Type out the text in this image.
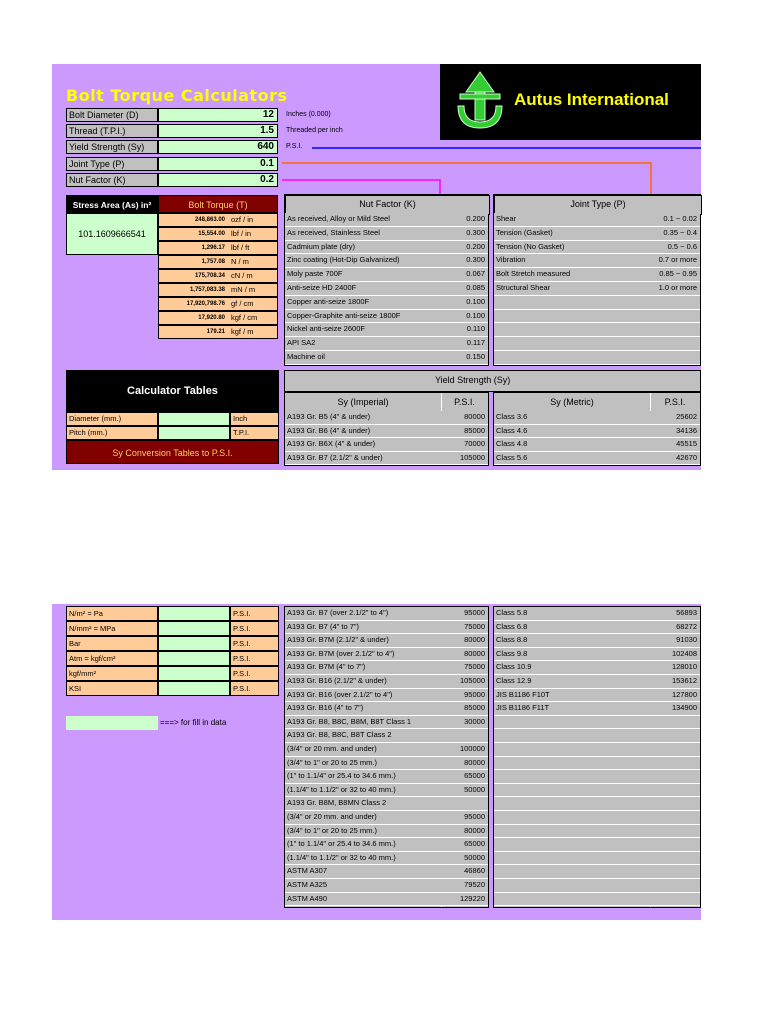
Bolt Torque Calculators	Autus International
Bolt Diameter (D)	12	Inches (0.000)
Thread (T.P.I.)	1.5	Threaded per inch
Yield Strength (Sy)	640	P.S.I.
Joint Type (P)	0.1
Nut Factor (K)	0.2
Stress Area (As) in²
101.1609666541
Bolt Torque (T)
248,863.00 ozf / in
15,554.00 lbf / in
1,296.17 lbf / ft
1,757.08 N / m
175,708.34 cN / m
1,757,083.38 mN / m
17,920,798.76 gf / cm
17,920.80 kgf / cm
179.21 kgf / m
Nut Factor (K)
As received, Alloy or Mild Steel	0.200
As received, Stainless Steel	0.300
Cadmium plate (dry)	0.200
Zinc coating (Hot-Dip Galvanized)	0.300
Moly paste 700F	0.067
Anti-seize HD 2400F	0.085
Copper anti-seize 1800F	0.100
Copper-Graphite anti-seize 1800F	0.100
Nickel anti-seize 2600F	0.110
API SA2	0.117
Machine oil	0.150
Joint Type (P)
Shear	0.1 ~ 0.02
Tension (Gasket)	0.35 ~ 0.4
Tension (No Gasket)	0.5 ~ 0.6
Vibration	0.7 or more
Bolt Stretch measured	0.85 ~ 0.95
Structural Shear	1.0 or more
Calculator Tables
Diameter (mm.)	Inch
Pitch (mm.)	T.P.I.
Sy Conversion Tables to P.S.I.
Yield Strength (Sy)
Sy (Imperial)	P.S.I.
A193 Gr. B5 (4" & under)	80000
A193 Gr. B6 (4" & under)	85000
A193 Gr. B6X (4" & under)	70000
A193 Gr. B7 (2.1/2" & under)	105000
Sy (Metric)	P.S.I.
Class 3.6	25602
Class 4.6	34136
Class 4.8	45515
Class 5.6	42670
N/m² = Pa	P.S.I.
N/mm² = MPa	P.S.I.
Bar	P.S.I.
Atm = kgf/cm²	P.S.I.
kgf/mm²	P.S.I.
KSI	P.S.I.
===> for fill in data
A193 Gr. B7 (over 2.1/2" to 4")	95000
A193 Gr. B7 (4" to 7")	75000
A193 Gr. B7M (2.1/2" & under)	80000
A193 Gr. B7M (over 2.1/2" to 4")	80000
A193 Gr. B7M (4" to 7")	75000
A193 Gr. B16 (2.1/2" & under)	105000
A193 Gr. B16 (over 2.1/2" to 4")	95000
A193 Gr. B16 (4" to 7")	85000
A193 Gr. B8, B8C, B8M, B8T Class 1	30000
A193 Gr. B8, B8C, B8T Class 2
(3/4" or 20 mm. and under)	100000
(3/4" to 1" or 20 to 25 mm.)	80000
(1" to 1.1/4" or 25.4 to 34.6 mm.)	65000
(1.1/4" to 1.1/2" or 32 to 40 mm.)	50000
A193 Gr. B8M, B8MN Class 2
(3/4" or 20 mm. and under)	95000
(3/4" to 1" or 20 to 25 mm.)	80000
(1" to 1.1/4" or 25.4 to 34.6 mm.)	65000
(1.1/4" to 1.1/2" or 32 to 40 mm.)	50000
ASTM A307	46860
ASTM A325	79520
ASTM A490	129220
Class 5.8	56893
Class 6.8	68272
Class 8.8	91030
Class 9.8	102408
Class 10.9	128010
Class 12.9	153612
JIS B1186 F10T	127800
JIS B1186 F11T	134900
